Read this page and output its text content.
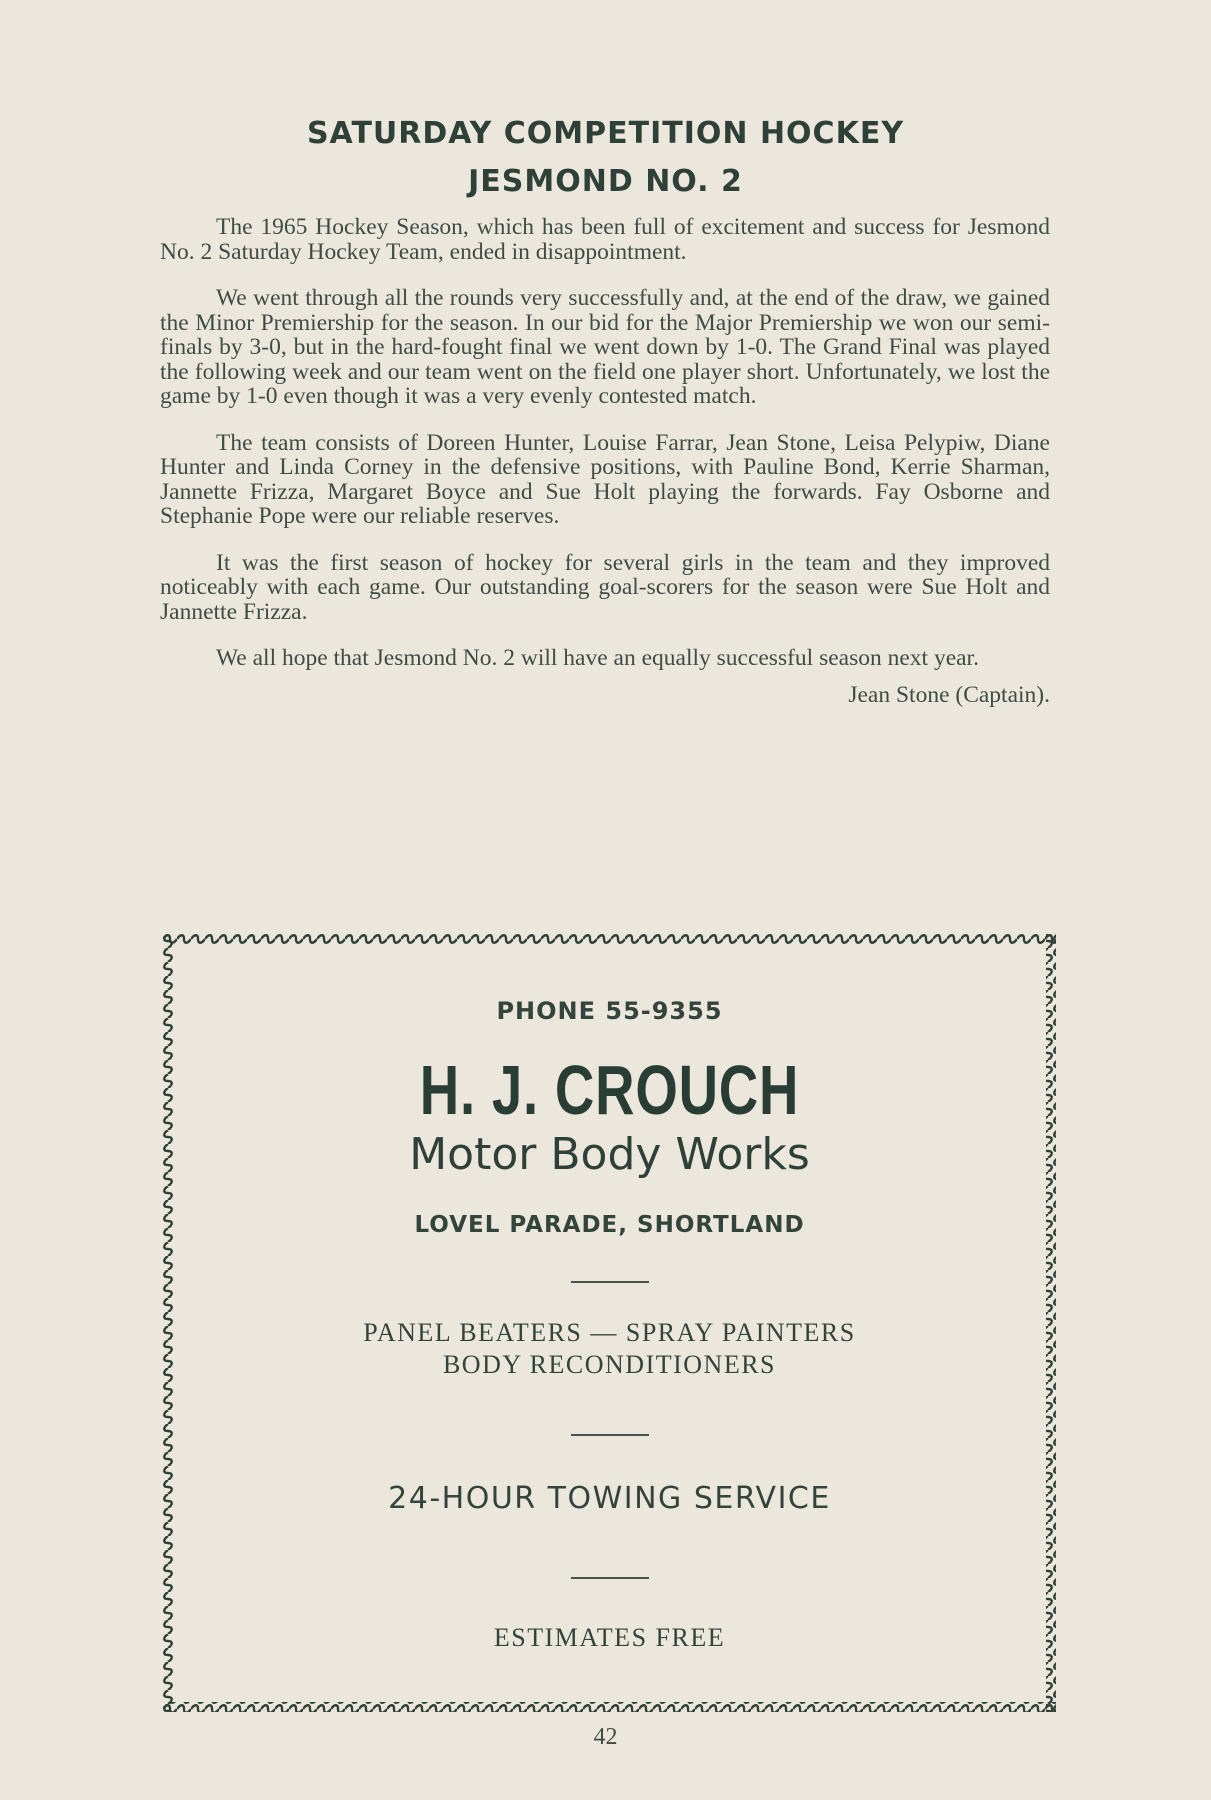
SATURDAY COMPETITION HOCKEY
JESMOND NO. 2

The 1965 Hockey Season, which has been full of excitement and success for Jesmond No. 2 Saturday Hockey Team, ended in disappointment.

We went through all the rounds very successfully and, at the end of the draw, we gained the Minor Premiership for the season. In our bid for the Major Premiership we won our semi-finals by 3-0, but in the hard-fought final we went down by 1-0. The Grand Final was played the following week and our team went on the field one player short. Unfortunately, we lost the game by 1-0 even though it was a very evenly contested match.

The team consists of Doreen Hunter, Louise Farrar, Jean Stone, Leisa Pelypiw, Diane Hunter and Linda Corney in the defensive positions, with Pauline Bond, Kerrie Sharman, Jannette Frizza, Margaret Boyce and Sue Holt playing the forwards. Fay Osborne and Stephanie Pope were our reliable reserves.

It was the first season of hockey for several girls in the team and they improved noticeably with each game. Our outstanding goal-scorers for the season were Sue Holt and Jannette Frizza.

We all hope that Jesmond No. 2 will have an equally successful season next year.

Jean Stone (Captain).
PHONE 55-9355
H. J. CROUCH
Motor Body Works
LOVEL PARADE, SHORTLAND
PANEL BEATERS — SPRAY PAINTERS
BODY RECONDITIONERS
24-HOUR TOWING SERVICE
ESTIMATES FREE
42
